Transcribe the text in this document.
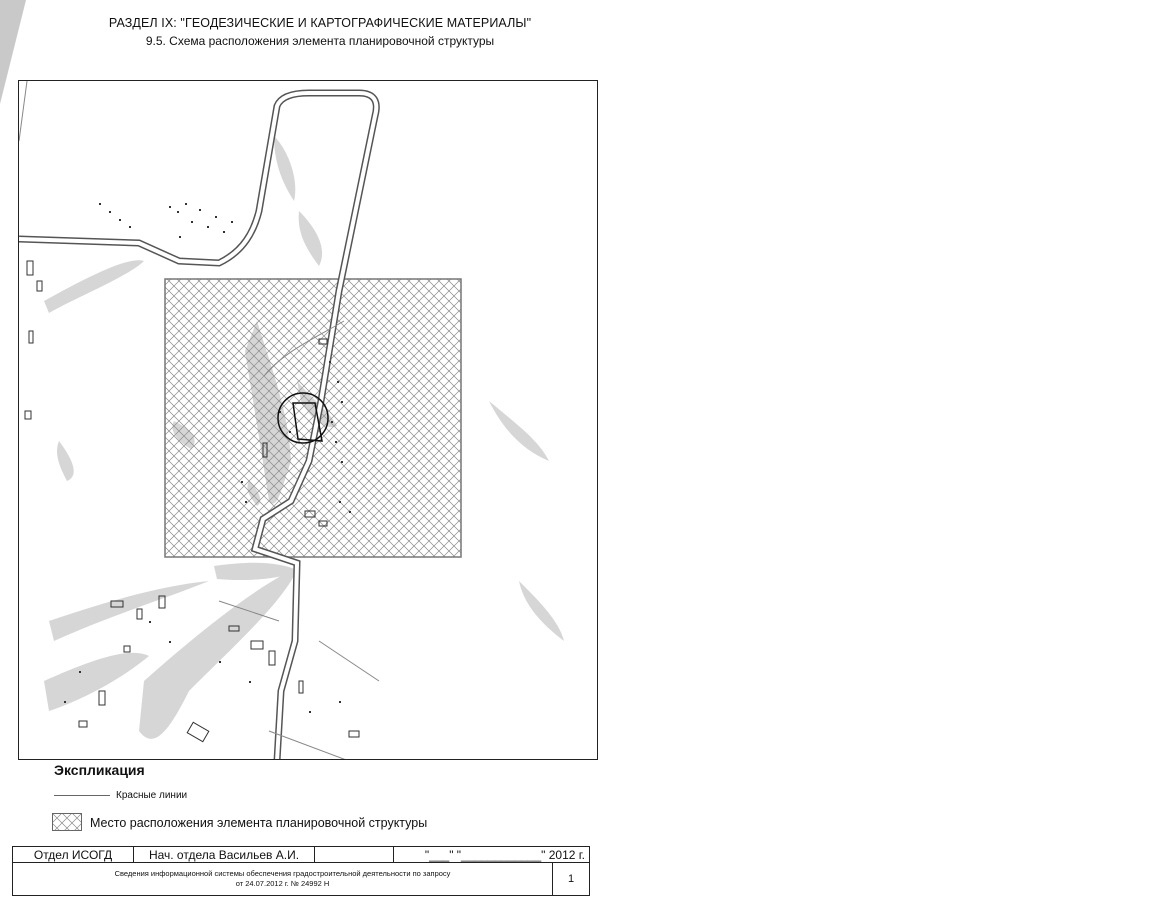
РАЗДЕЛ IX: "ГЕОДЕЗИЧЕСКИЕ И КАРТОГРАФИЧЕСКИЕ МАТЕРИАЛЫ"
9.5. Схема расположения элемента планировочной структуры
Экспликация
Красные линии
Место расположения элемента планировочной структуры
Отдел ИСОГД	Нач. отдела Васильев А.И.		"___" "____________" 2012 г.	

Сведения информационной системы обеспечения градостроительной деятельности по запросу
от 24.07.2012 г. № 24992 Н				1
